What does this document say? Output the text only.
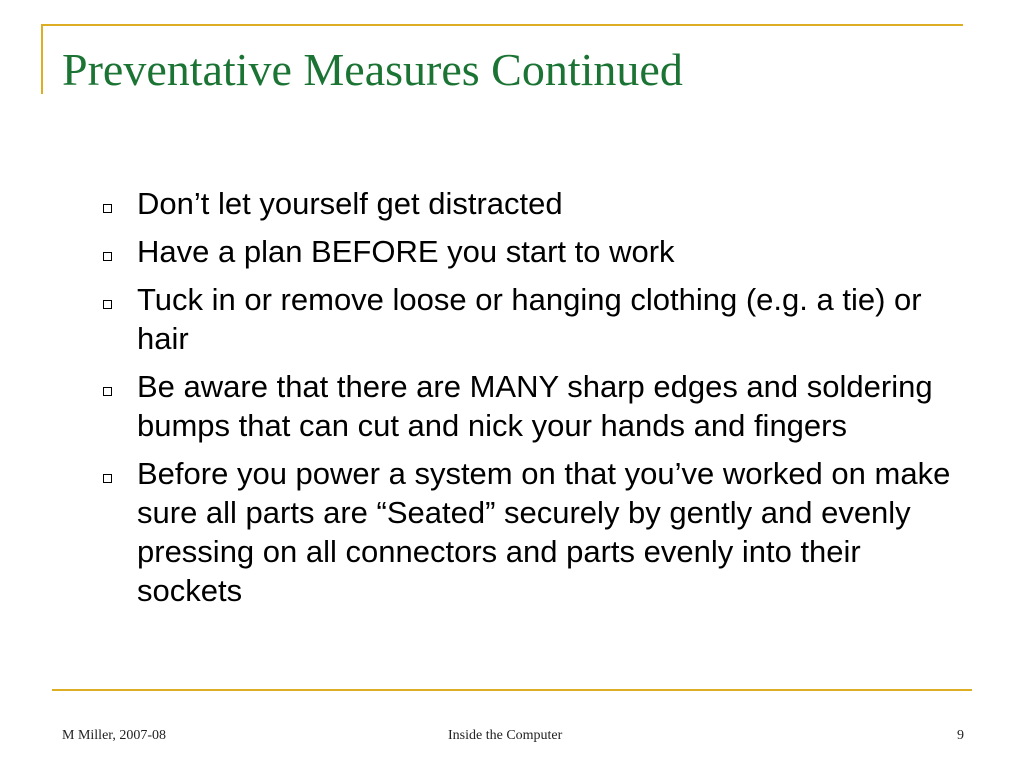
Preventative Measures Continued
Don’t let yourself get distracted
Have a plan BEFORE you start to work
Tuck in or remove loose or hanging clothing (e.g. a tie) or hair
Be aware that there are MANY sharp edges and soldering bumps that can cut and nick your hands and fingers
Before you power a system on that you’ve worked on make sure all parts are “Seated” securely by gently and evenly pressing on all connectors and parts evenly into their sockets
M Miller, 2007-08	Inside the Computer	9
